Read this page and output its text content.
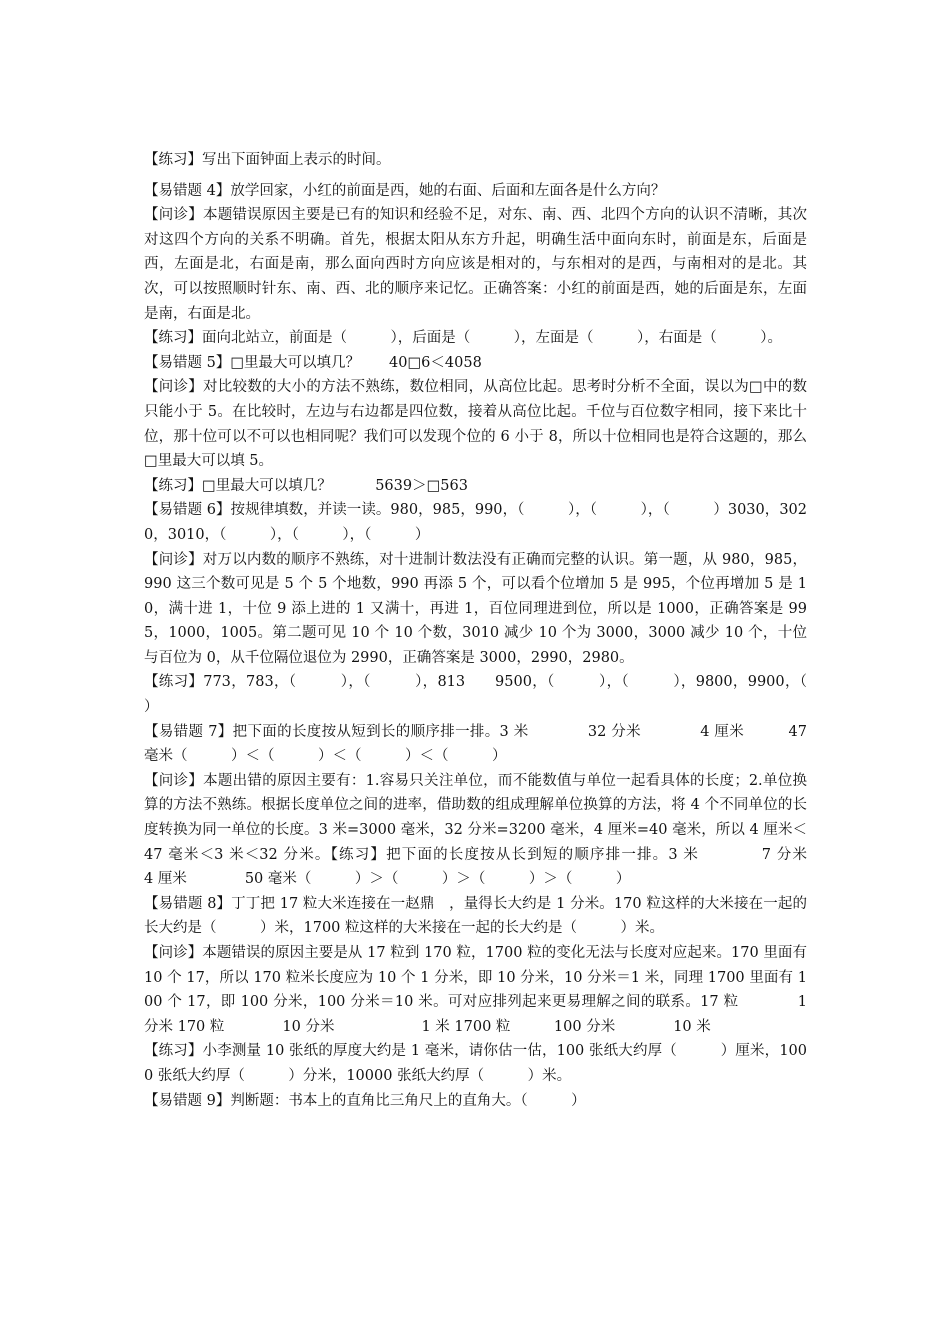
【练习】写出下面钟面上表示的时间。

【易错题 4】放学回家，小红的前面是西，她的右面、后面和左面各是什么方向？

【问诊】本题错误原因主要是已有的知识和经验不足，对东、南、西、北四个方向的认识不清晰，其次对这四个方向的关系不明确。首先，根据太阳从东方升起，明确生活中面向东时，前面是东，后面是西，左面是北，右面是南，那么面向西时方向应该是相对的，与东相对的是西，与南相对的是北。其次，可以按照顺时针东、南、西、北的顺序来记忆。正确答案：小红的前面是西，她的后面是东，左面是南，右面是北。

【练习】面向北站立，前面是（　　　），后面是（　　　），左面是（　　　），右面是（　　　）。

【易错题 5】□里最大可以填几？　　40□6＜4058

【问诊】对比较数的大小的方法不熟练，数位相同，从高位比起。思考时分析不全面，误以为□中的数只能小于 5。在比较时，左边与右边都是四位数，接着从高位比起。千位与百位数字相同，接下来比十位，那十位可以不可以也相同呢？我们可以发现个位的 6 小于 8，所以十位相同也是符合这题的，那么□里最大可以填 5。

【练习】□里最大可以填几？　　　5639＞□563

【易错题 6】按规律填数，并读一读。980，985，990，（　　　），（　　　），（　　　）3030，3020，3010，（　　　），（　　　），（　　　）

【问诊】对万以内数的顺序不熟练，对十进制计数法没有正确而完整的认识。第一题，从 980，985，990 这三个数可见是 5 个 5 个地数，990 再添 5 个，可以看个位增加 5 是 995，个位再增加 5 是 10，满十进 1，十位 9 添上进的 1 又满十，再进 1，百位同理进到位，所以是 1000，正确答案是 995，1000，1005。第二题可见 10 个 10 个数，3010 减少 10 个为 3000，3000 减少 10 个，十位与百位为 0，从千位隔位退位为 2990，正确答案是 3000，2990，2980。

【练习】773，783，（　　　），（　　　），813　　9500，（　　　），（　　　），9800，9900，（　　　）

【易错题 7】把下面的长度按从短到长的顺序排一排。3 米　　　　32 分米　　　　4 厘米　　　47 毫米（　　　）＜（　　　）＜（　　　）＜（　　　）

【问诊】本题出错的原因主要有：1.容易只关注单位，而不能数值与单位一起看具体的长度；2.单位换算的方法不熟练。根据长度单位之间的进率，借助数的组成理解单位换算的方法，将 4 个不同单位的长度转换为同一单位的长度。3 米=3000 毫米，32 分米=3200 毫米，4 厘米=40 毫米，所以 4 厘米＜47 毫米＜3 米＜32 分米。【练习】把下面的长度按从长到短的顺序排一排。3 米　　　　7 分米　　　　4 厘米　　　　50 毫米（　　　）＞（　　　）＞（　　　）＞（　　　）

【易错题 8】丁丁把 17 粒大米连接在一赵鼎　，量得长大约是 1 分米。170 粒这样的大米接在一起的长大约是（　　　）米，1700 粒这样的大米接在一起的长大约是（　　　）米。

【问诊】本题错误的原因主要是从 17 粒到 170 粒，1700 粒的变化无法与长度对应起来。170 里面有 10 个 17，所以 170 粒米长度应为 10 个 1 分米，即 10 分米，10 分米＝1 米，同理 1700 里面有 100 个 17，即 100 分米，100 分米＝10 米。可对应排列起来更易理解之间的联系。17 粒　　　　1 分米 170 粒　　　　10 分米　　　　　　1 米 1700 粒　　　100 分米　　　　10 米

【练习】小李测量 10 张纸的厚度大约是 1 毫米，请你估一估，100 张纸大约厚（　　　）厘米，1000 张纸大约厚（　　　）分米，10000 张纸大约厚（　　　）米。

【易错题 9】判断题：书本上的直角比三角尺上的直角大。（　　　）
